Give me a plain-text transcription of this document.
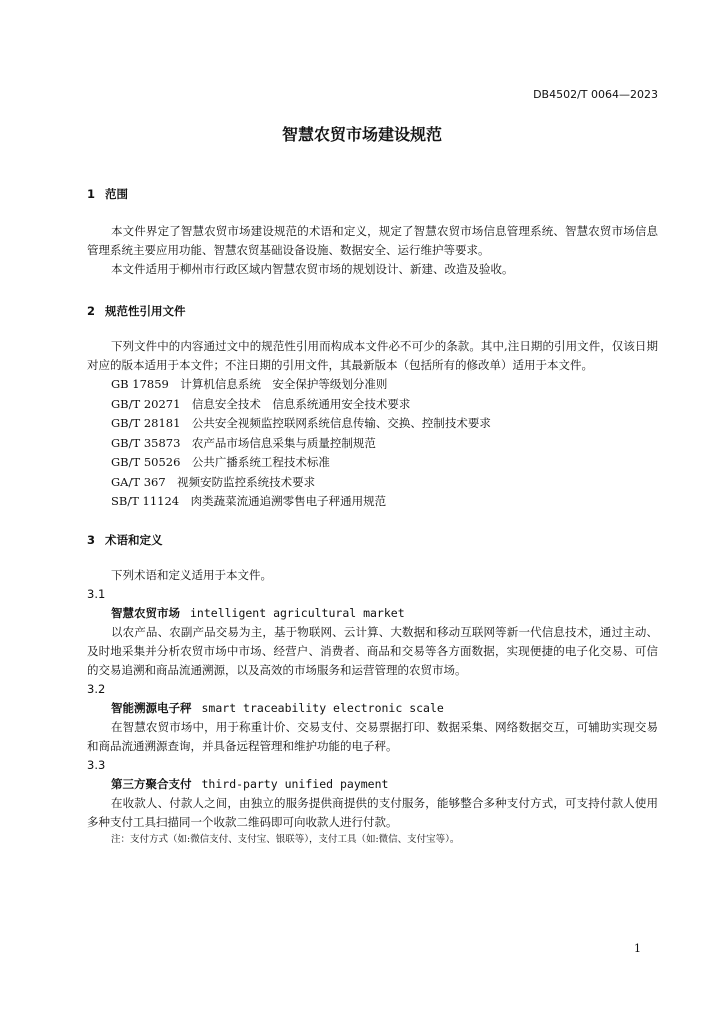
DB4502/T 0064—2023
智慧农贸市场建设规范

1 范围

本文件界定了智慧农贸市场建设规范的术语和定义，规定了智慧农贸市场信息管理系统、智慧农贸市场信息管理系统主要应用功能、智慧农贸基础设备设施、数据安全、运行维护等要求。

本文件适用于柳州市行政区域内智慧农贸市场的规划设计、新建、改造及验收。

2 规范性引用文件

下列文件中的内容通过文中的规范性引用而构成本文件必不可少的条款。其中,注日期的引用文件，仅该日期对应的版本适用于本文件；不注日期的引用文件，其最新版本（包括所有的修改单）适用于本文件。

GB 17859　计算机信息系统　安全保护等级划分准则

GB/T 20271　信息安全技术　信息系统通用安全技术要求

GB/T 28181　公共安全视频监控联网系统信息传输、交换、控制技术要求

GB/T 35873　农产品市场信息采集与质量控制规范

GB/T 50526　公共广播系统工程技术标准

GA/T 367　视频安防监控系统技术要求

SB/T 11124　肉类蔬菜流通追溯零售电子秤通用规范

3 术语和定义

下列术语和定义适用于本文件。

3.1

智慧农贸市场 intelligent agricultural market

以农产品、农副产品交易为主，基于物联网、云计算、大数据和移动互联网等新一代信息技术，通过主动、及时地采集并分析农贸市场中市场、经营户、消费者、商品和交易等各方面数据，实现便捷的电子化交易、可信的交易追溯和商品流通溯源，以及高效的市场服务和运营管理的农贸市场。

3.2

智能溯源电子秤 smart traceability electronic scale

在智慧农贸市场中，用于称重计价、交易支付、交易票据打印、数据采集、网络数据交互，可辅助实现交易和商品流通溯源查询，并具备远程管理和维护功能的电子秤。

3.3

第三方聚合支付 third-party unified payment

在收款人、付款人之间，由独立的服务提供商提供的支付服务，能够整合多种支付方式，可支持付款人使用多种支付工具扫描同一个收款二维码即可向收款人进行付款。

注：支付方式（如:微信支付、支付宝、银联等），支付工具（如:微信、支付宝等）。

1
